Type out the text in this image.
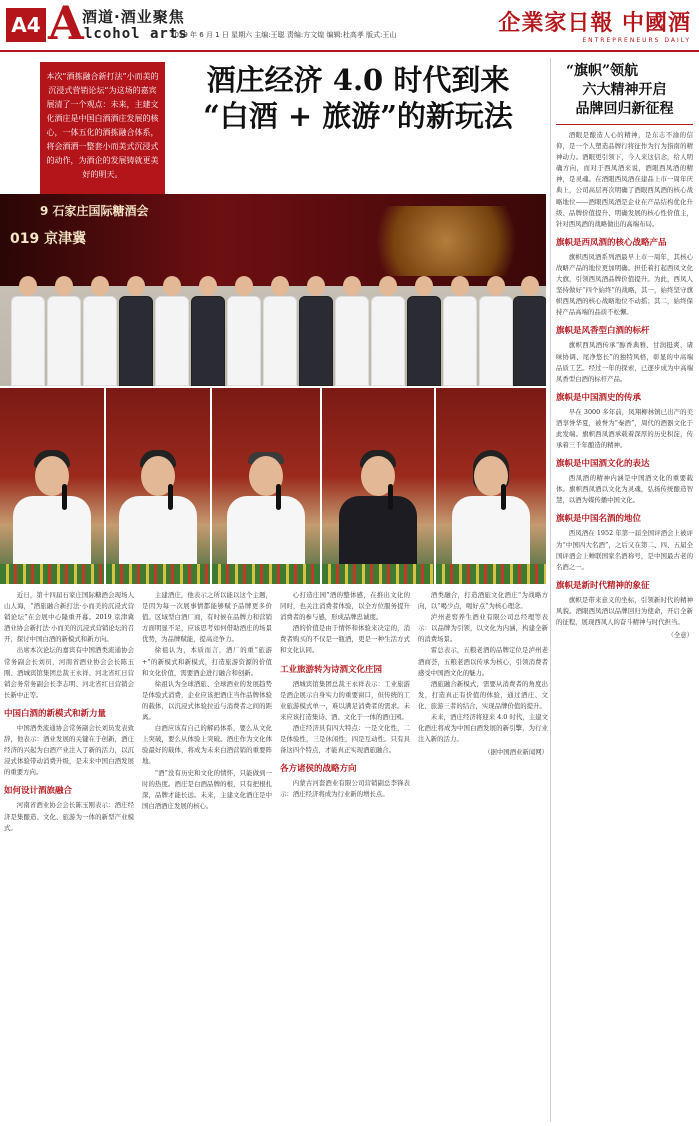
A4 A
酒道·酒业聚焦
lcohol arts
2019 年 6 月 1 日 星期六 主编:王聪 责编:方文煌 编辑:杜高孝 版式:王山	企業家日報 中國酒
ENTREPRENEURS DAILY
本次“酒拣融合新打法”小而美的沉浸式营销论坛“为这场的嘉宾展清了一个观点：未来，主建文化酒庄是中国白酒酒庄发展的核心，一体五化的酒拣融合体系，将会酒洒一整套小而美式沉浸式的动作，为酒企的发展铸就更美好的明天。
酒庄经济 4.0 时代到来
“白酒 + 旅游”的新玩法
9 石家庄国际糖酒会
019 京津冀
“旗帜”领航
六大精神开启
品牌回归新征程

酒眼是酿造人心的精神，是东志不渝的信仰，是一个人塑造品牌行将征作为行为指南的精神动力。酒眼更引领下，今人来这信念，给人明确方向，而对于西凤酒来说，酒眼西凤酒的精神，是灵魂。在酒眼西凤酒在建品上市一周年庆典上，公司高层再次明确了酒眼西凤酒的核心战略地位——酒眼西凤酒是企业在产品结构优化升级、品牌价值提升、明确发展的核心性价值主，针对西凤酒的战略做出的高端布局。

旗帜是西凤酒的核心战略产品

旗帜西凤酒系列酒最早上市一周年，其核心战略产品的地位更加明确。担任着打起西凤文化大旗，引领西凤酒品牌价值提升。为此，西凤人坚持做好“四个始终”的战略，其一，始终坚守旗帜西凤酒的核心战略地位不动摇；其二，始终保持产品高端的品质不松懈。

旗帜是风香型白酒的标杆

旗帜西凤酒传承“醇香典雅、甘润挺爽、诸味协调、尾净悠长”的独特风格，彰显的中高端品质工艺。经过一年的探索，已逐步成为中高端凤香型白酒的标杆产品。

旗帜是中国酒史的传承

早在 3000 多年前，凤翔柳林镇已出产的美酒享誉华夏，被誉为“秦酒”，周代的酒器文化于此发端。旗帜西凤酒承载着深厚的历史积淀，传承着三千年酿造的精神。

旗帜是中国酒文化的表达

西凤酒的精神内涵是中国酒文化的重要载体。旗帜西凤酒以文化为灵魂，弘扬传统酿造智慧，以酒为媒传播中国文化。

旗帜是中国名酒的地位

西凤酒在 1952 年第一届全国评酒会上被评为“中国四大名酒”，之后又在第二、四、五届全国评酒会上蝉联国家名酒称号，是中国最古老的名酒之一。

旗帜是新时代精神的象征

旗帜是带来意义的坐标，引领新时代的精神风貌。酒眼西凤酒以品牌回归为使命，开启全新的征程，展现西凤人的奋斗精神与时代担当。

（全意）

近日，第十四届石家庄国际糖酒会现场人山人海，“酒旅融合新打法·小而美的沉浸式营销论坛”在会展中心隆重开幕。2019 京津冀酒业协会新打法·小而美的沉浸式营销论坛的召开，探讨中国白酒的新模式和新方向。

出席本次论坛的嘉宾有中国酒类流通协会常务副会长刘员，河南省酒业协会会长陈玉刚、酒城宾馆集团总裁王永祥、河北省红日营销会务常务副会长李志明、河北省红日营销会长新中正等。

中国白酒的新模式和新力量

中国酒类流通协会常务副会长刘员发表致辞，他表示：酒业发展的关键在于创新，酒庄经济的兴起为白酒产业注入了新的活力，以沉浸式体验带动消费升级，是未来中国白酒发展的重要方向。

如何设计酒旅融合

河南省酒业协会会长陈玉刚表示：酒庄经济是集酿造、文化、旅游为一体的新型产业模式。

主建酒庄，他表示之所以能以这个主题，是因为每一次展事情都能够赋予品牌更多价值。区域型白酒厂商，有时候在品牌力和营销方面明显不足，应该思考如何借助酒庄的场景优势，为品牌赋能，提高竞争力。

徐祖认为，本质而言，酒厂的重“旅游+”的新模式和新模式，打造旅游资源的价值和文化价值，需要酒企进行融合和创新。

徐祖认为全球酒旅、全球酒业的发展趋势是体验式消费，企业应该把酒庄当作品牌体验的载体，以沉浸式体验拉近与消费者之间的距离。

白酒应该有自己的解码体系，要么从文化上突破，要么从体验上突破。酒庄作为文化体验最好的载体，将成为未来白酒营销的重要阵地。

“酒”没有历史和文化的情怀，只能做到一时的热度。酒庄是白酒品牌的根，只有把根扎深，品牌才能长远。未来，主建文化酒庄是中国白酒酒庄发展的核心。

心打造庄园”酒的整体感，在推出文化的同时，也关注消费者体验，以全方位服务提升消费者的参与感，形成品牌忠诚度。

酒的价值是由于情怀和体验来决定的，消费者购买的不仅是一瓶酒，更是一种生活方式和文化认同。

工业旅游转为诗酒文化庄园

酒城宾馆集团总裁王永祥表示：工业旅游是酒企展示自身实力的重要窗口，但传统的工业旅游模式单一，难以满足消费者的需求。未来应该打造集诗、酒、文化于一体的酒庄园。

酒庄经济具有四大特点：一是文化性，二是体验性，三是休闲性，四是互动性。只有具备这四个特点，才能真正实现酒旅融合。

各方诸侯的战略方向

内蒙古河套酒业有限公司营销副总李锋表示：酒庄经济将成为行业新的增长点。

酒类融合，打造酒旅文化酒庄“为战略方向，以“喝少点，喝好点”为核心理念。

泸州老窖养生酒业有限公司总经理等表示：以品牌为引领，以文化为内涵，构建全新的消费场景。

雷总表示，五粮老酒的品牌定位是泸州老酒商荟，五粮老酒以传承为核心，引领消费者感受中国酒文化的魅力。

酒旅融合新模式，需要从消费者的角度出发，打造真正有价值的体验，通过酒庄、文化、旅游三者的结合，实现品牌价值的提升。

未来，酒庄经济将迎来 4.0 时代，主建文化酒庄将成为中国白酒发展的新引擎，为行业注入新的活力。

（据中国酒业新闻网）
